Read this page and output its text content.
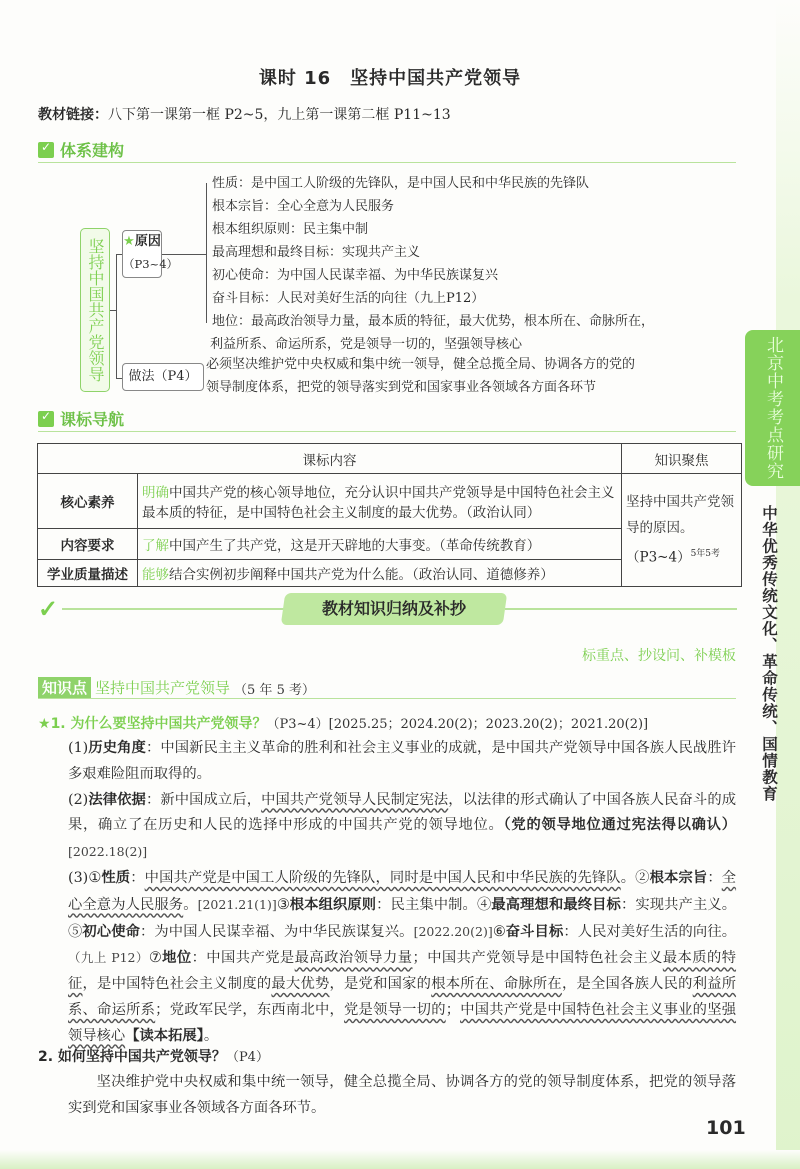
北京中考考点研究
中华优秀传统文化、革命传统、国情教育
课时 16　坚持中国共产党领导
教材链接：八下第一课第一框 P2~5，九上第一课第二框 P11~13
✓
体系建构
坚持中国共产党领导	★原因
（P3~4）
性质：是中国工人阶级的先锋队，是中国人民和中华民族的先锋队
根本宗旨：全心全意为人民服务
根本组织原则：民主集中制
最高理想和最终目标：实现共产主义
初心使命：为中国人民谋幸福、为中华民族谋复兴
奋斗目标：人民对美好生活的向往（九上P12）
地位：最高政治领导力量，最本质的特征，最大优势，根本所在、命脉所在，
利益所系、命运所系，党是领导一切的，坚强领导核心
做法（P4）
必须坚决维护党中央权威和集中统一领导，健全总揽全局、协调各方的党的
领导制度体系，把党的领导落实到党和国家事业各领域各方面各环节
✓
课标导航
课标内容		知识聚焦
核心素养	明确中国共产党的核心领导地位，充分认识中国共产党领导是中国特色社会主义最本质的特征，是中国特色社会主义制度的最大优势。（政治认同）	坚持中国共产党领导的原因。（P3~4）$^{5年5考}$
内容要求	了解中国产生了共产党，这是开天辟地的大事变。（革命传统教育）	
学业质量描述	能够结合实例初步阐释中国共产党为什么能。（政治认同、道德修养）	
✓	教材知识归纳及补抄
标重点、抄设问、补模板
知识点 坚持中国共产党领导 （5 年 5 考）
★1. 为什么要坚持中国共产党领导？（P3~4）[2025.25；2024.20(2)；2023.20(2)；2021.20(2)]
(1)历史角度：中国新民主主义革命的胜利和社会主义事业的成就，是中国共产党领导中国各族人民战胜许多艰难险阻而取得的。
(2)法律依据：新中国成立后，中国共产党领导人民制定宪法，以法律的形式确认了中国各族人民奋斗的成果，确立了在历史和人民的选择中形成的中国共产党的领导地位。（党的领导地位通过宪法得以确认）[2022.18(2)]
(3)①性质：中国共产党是中国工人阶级的先锋队，同时是中国人民和中华民族的先锋队。②根本宗旨：全心全意为人民服务。[2021.21(1)]③根本组织原则：民主集中制。④最高理想和最终目标：实现共产主义。⑤初心使命：为中国人民谋幸福、为中华民族谋复兴。[2022.20(2)]⑥奋斗目标：人民对美好生活的向往。（九上 P12）⑦地位：中国共产党是最高政治领导力量；中国共产党领导是中国特色社会主义最本质的特征，是中国特色社会主义制度的最大优势，是党和国家的根本所在、命脉所在，是全国各族人民的利益所系、命运所系；党政军民学，东西南北中，党是领导一切的；中国共产党是中国特色社会主义事业的坚强领导核心【读本拓展】。
2. 如何坚持中国共产党领导？（P4）
坚决维护党中央权威和集中统一领导，健全总揽全局、协调各方的党的领导制度体系，把党的领导落实到党和国家事业各领域各方面各环节。
101
